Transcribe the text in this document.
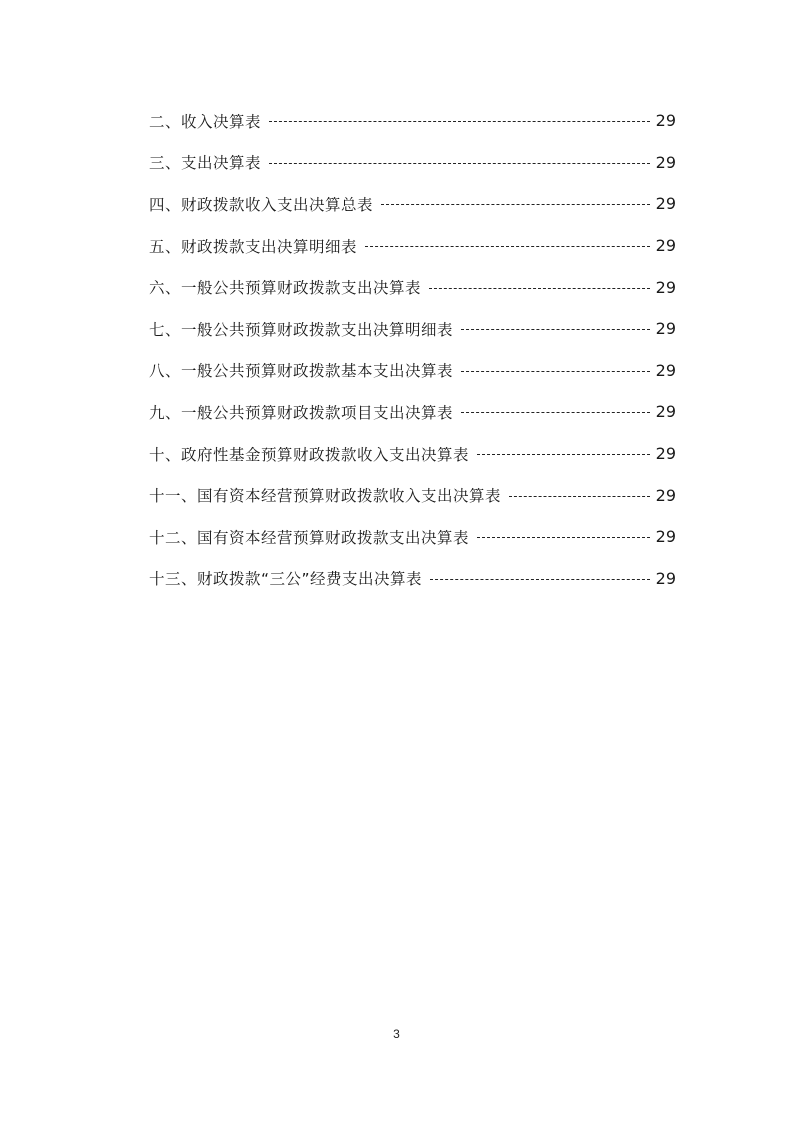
二、收入决算表	29
三、支出决算表	29
四、财政拨款收入支出决算总表	29
五、财政拨款支出决算明细表	29
六、一般公共预算财政拨款支出决算表	29
七、一般公共预算财政拨款支出决算明细表	29
八、一般公共预算财政拨款基本支出决算表	29
九、一般公共预算财政拨款项目支出决算表	29
十、政府性基金预算财政拨款收入支出决算表	29
十一、国有资本经营预算财政拨款收入支出决算表	29
十二、国有资本经营预算财政拨款支出决算表	29
十三、财政拨款“三公”经费支出决算表	29
3
